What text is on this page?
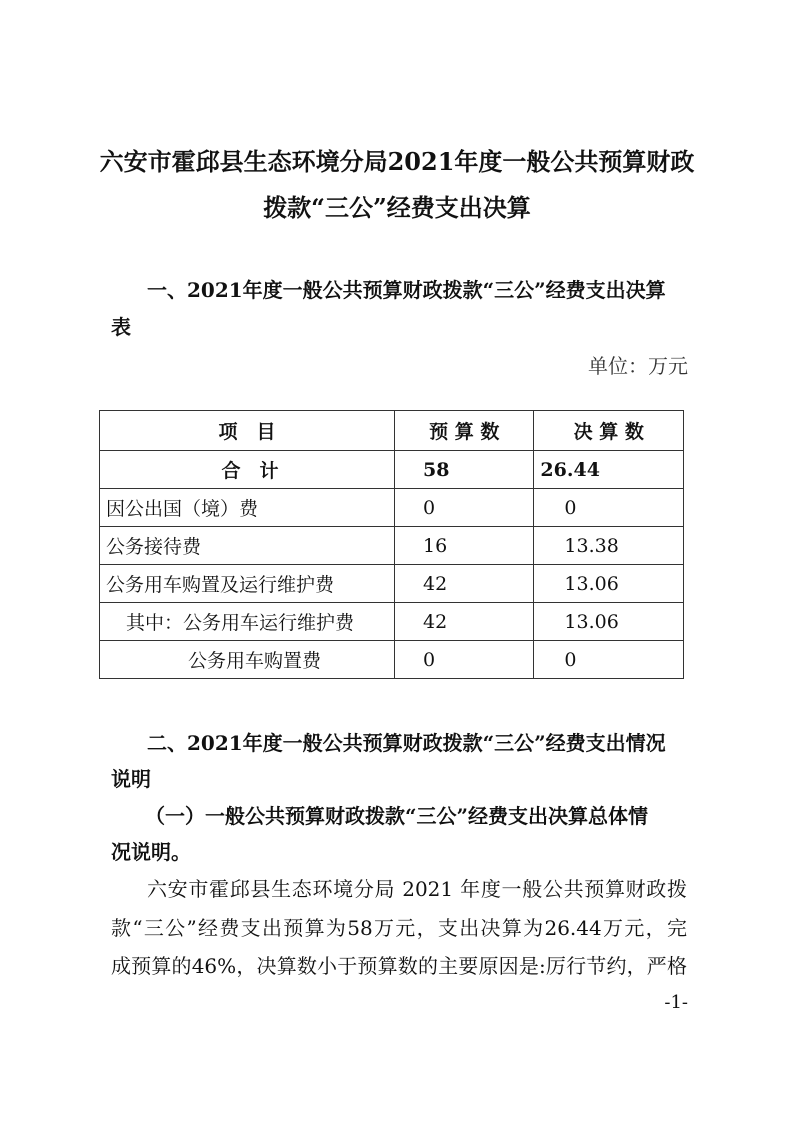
六安市霍邱县生态环境分局2021年度一般公共预算财政
拨款“三公”经费支出决算
一、2021年度一般公共预算财政拨款“三公”经费支出决算
表
单位：万元
项　目	预 算 数	决 算 数
合　计	58	26.44
因公出国（境）费	0	0
公务接待费	16	13.38
公务用车购置及运行维护费	42	13.06
其中：公务用车运行维护费	42	13.06
公务用车购置费	0	0
二、2021年度一般公共预算财政拨款“三公”经费支出情况
说明
（一）一般公共预算财政拨款“三公”经费支出决算总体情
况说明。
六安市霍邱县生态环境分局 2021 年度一般公共预算财政拨
款“三公”经费支出预算为58万元，支出决算为26.44万元，完
成预算的46%，决算数小于预算数的主要原因是:厉行节约，严格
-1-
